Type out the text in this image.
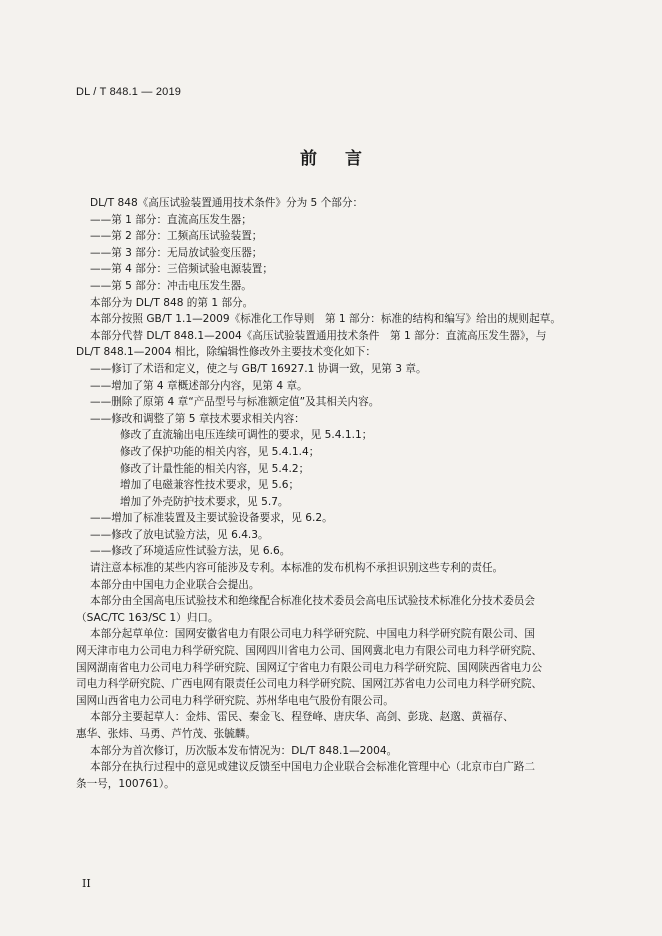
DL / T 848.1 — 2019
前 言
DL/T 848《高压试验装置通用技术条件》分为 5 个部分：
——第 1 部分：直流高压发生器；
——第 2 部分：工频高压试验装置；
——第 3 部分：无局放试验变压器；
——第 4 部分：三倍频试验电源装置；
——第 5 部分：冲击电压发生器。
本部分为 DL/T 848 的第 1 部分。
本部分按照 GB/T 1.1—2009《标准化工作导则　第 1 部分：标准的结构和编写》给出的规则起草。
本部分代替 DL/T 848.1—2004《高压试验装置通用技术条件　第 1 部分：直流高压发生器》，与
DL/T 848.1—2004 相比，除编辑性修改外主要技术变化如下：
——修订了术语和定义，使之与 GB/T 16927.1 协调一致，见第 3 章。
——增加了第 4 章概述部分内容，见第 4 章。
——删除了原第 4 章“产品型号与标准额定值”及其相关内容。
——修改和调整了第 5 章技术要求相关内容：
修改了直流输出电压连续可调性的要求，见 5.4.1.1；
修改了保护功能的相关内容，见 5.4.1.4；
修改了计量性能的相关内容，见 5.4.2；
增加了电磁兼容性技术要求，见 5.6；
增加了外壳防护技术要求，见 5.7。
——增加了标准装置及主要试验设备要求，见 6.2。
——修改了放电试验方法，见 6.4.3。
——修改了环境适应性试验方法，见 6.6。
请注意本标准的某些内容可能涉及专利。本标准的发布机构不承担识别这些专利的责任。
本部分由中国电力企业联合会提出。
本部分由全国高电压试验技术和绝缘配合标准化技术委员会高电压试验技术标准化分技术委员会
（SAC/TC 163/SC 1）归口。
本部分起草单位：国网安徽省电力有限公司电力科学研究院、中国电力科学研究院有限公司、国
网天津市电力公司电力科学研究院、国网四川省电力公司、国网冀北电力有限公司电力科学研究院、
国网湖南省电力公司电力科学研究院、国网辽宁省电力有限公司电力科学研究院、国网陕西省电力公
司电力科学研究院、广西电网有限责任公司电力科学研究院、国网江苏省电力公司电力科学研究院、
国网山西省电力公司电力科学研究院、苏州华电电气股份有限公司。
本部分主要起草人：金炜、雷民、秦金飞、程登峰、唐庆华、高剑、彭珑、赵邈、黄福存、
惠华、张炜、马勇、芦竹茂、张毓麟。
本部分为首次修订，历次版本发布情况为：DL/T 848.1—2004。
本部分在执行过程中的意见或建议反馈至中国电力企业联合会标准化管理中心（北京市白广路二
条一号，100761）。
II
